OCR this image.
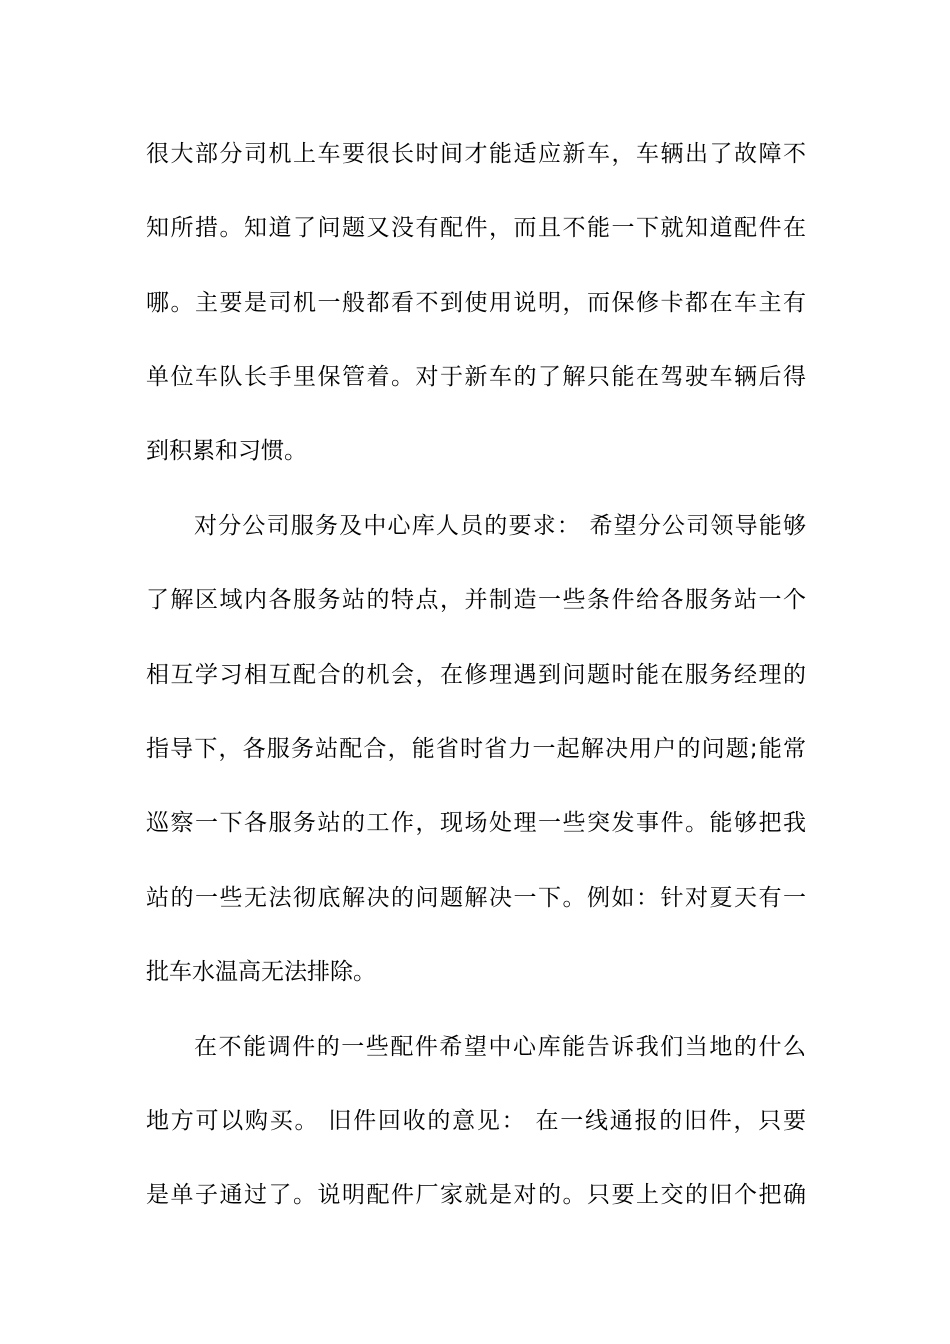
很大部分司机上车要很长时间才能适应新车，车辆出了故障不
知所措。知道了问题又没有配件，而且不能一下就知道配件在
哪。主要是司机一般都看不到使用说明，而保修卡都在车主有
单位车队长手里保管着。对于新车的了解只能在驾驶车辆后得
到积累和习惯。
对分公司服务及中心库人员的要求： 希望分公司领导能够
了解区域内各服务站的特点，并制造一些条件给各服务站一个
相互学习相互配合的机会，在修理遇到问题时能在服务经理的
指导下，各服务站配合，能省时省力一起解决用户的问题;能常
巡察一下各服务站的工作，现场处理一些突发事件。能够把我
站的一些无法彻底解决的问题解决一下。例如：针对夏天有一
批车水温高无法排除。
在不能调件的一些配件希望中心库能告诉我们当地的什么
地方可以购买。 旧件回收的意见： 在一线通报的旧件，只要
是单子通过了。说明配件厂家就是对的。只要上交的旧个把确
